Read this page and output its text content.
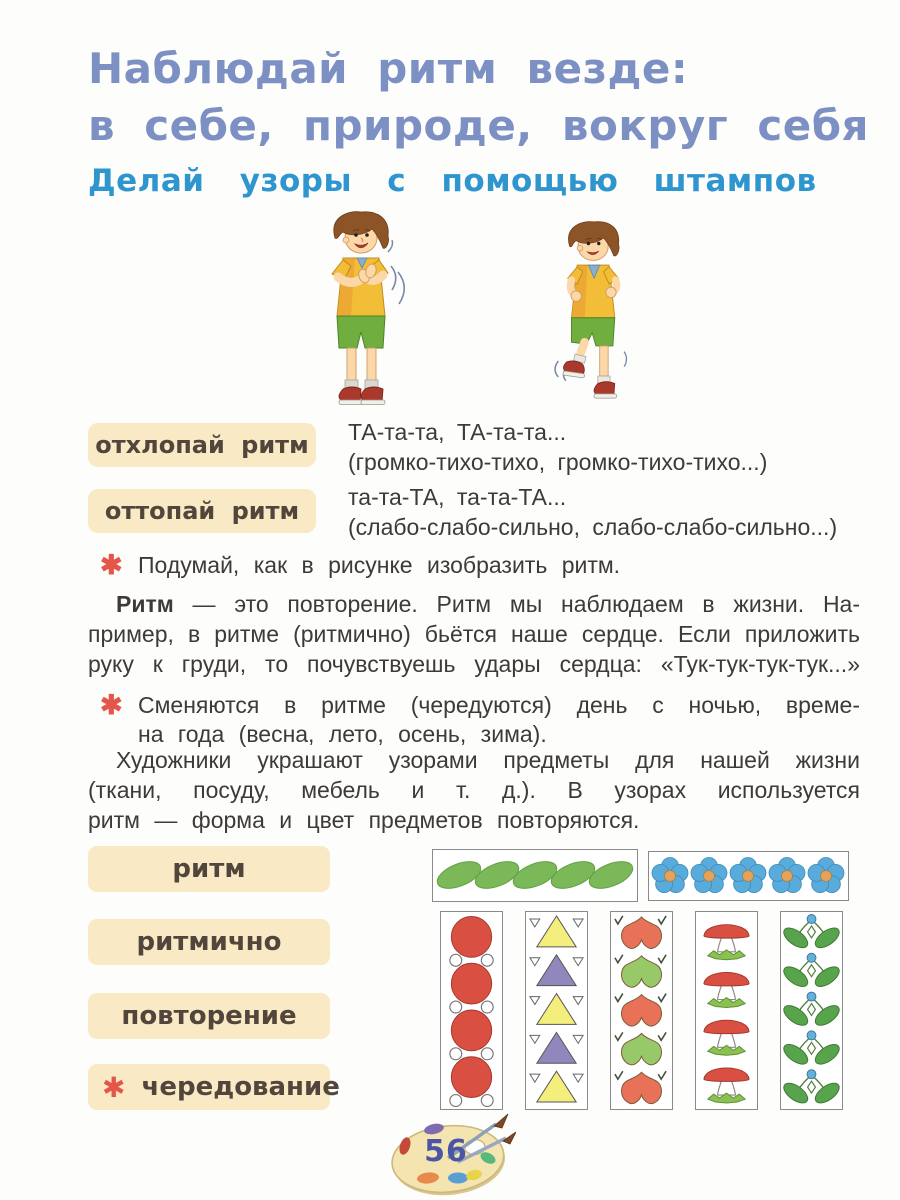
Наблюдай ритм везде:
в себе, природе, вокруг себя
Делай узоры с помощью штампов
отхлопай ритм ТА-та-та, ТА-та-та...
(громко-тихо-тихо, громко-тихо-тихо...)
оттопай ритм та-та-ТА, та-та-ТА...
(слабо-слабо-сильно, слабо-слабо-сильно...)
✱ Подумай, как в рисунке изобразить ритм.
Ритм — это повторение. Ритм мы наблюдаем в жизни. На-
пример, в ритме (ритмично) бьётся наше сердце. Если приложить
руку к груди, то почувствуешь удары сердца: «Тук-тук-тук-тук...»
✱ Сменяются в ритме (чередуются) день с ночью, време-
на года (весна, лето, осень, зима).
Художники украшают узорами предметы для нашей жизни
(ткани, посуду, мебель и т. д.). В узорах используется
ритм — форма и цвет предметов повторяются.
ритм
ритмично
повторение
✱ чередование
56
